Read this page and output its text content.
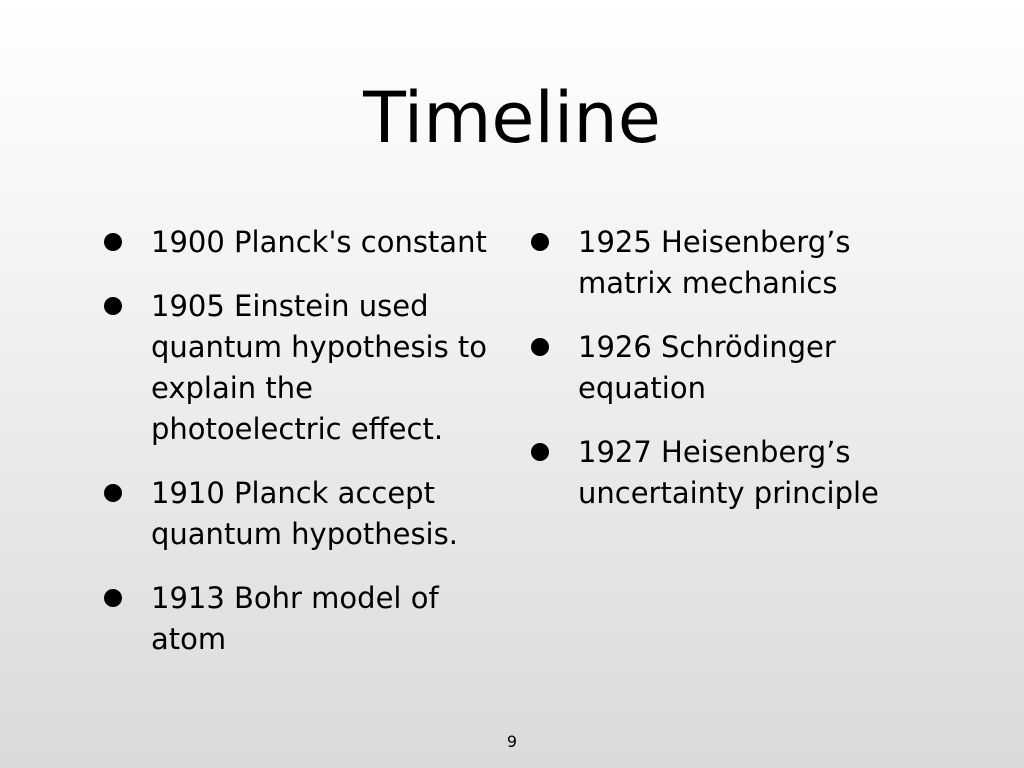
Timeline
1900 Planck's constant
1905 Einstein used quantum hypothesis to explain the photoelectric effect.
1910 Planck accept quantum hypothesis.
1913 Bohr model of atom
1925 Heisenberg’s matrix mechanics
1926 Schrödinger equation
1927 Heisenberg’s uncertainty principle
9
